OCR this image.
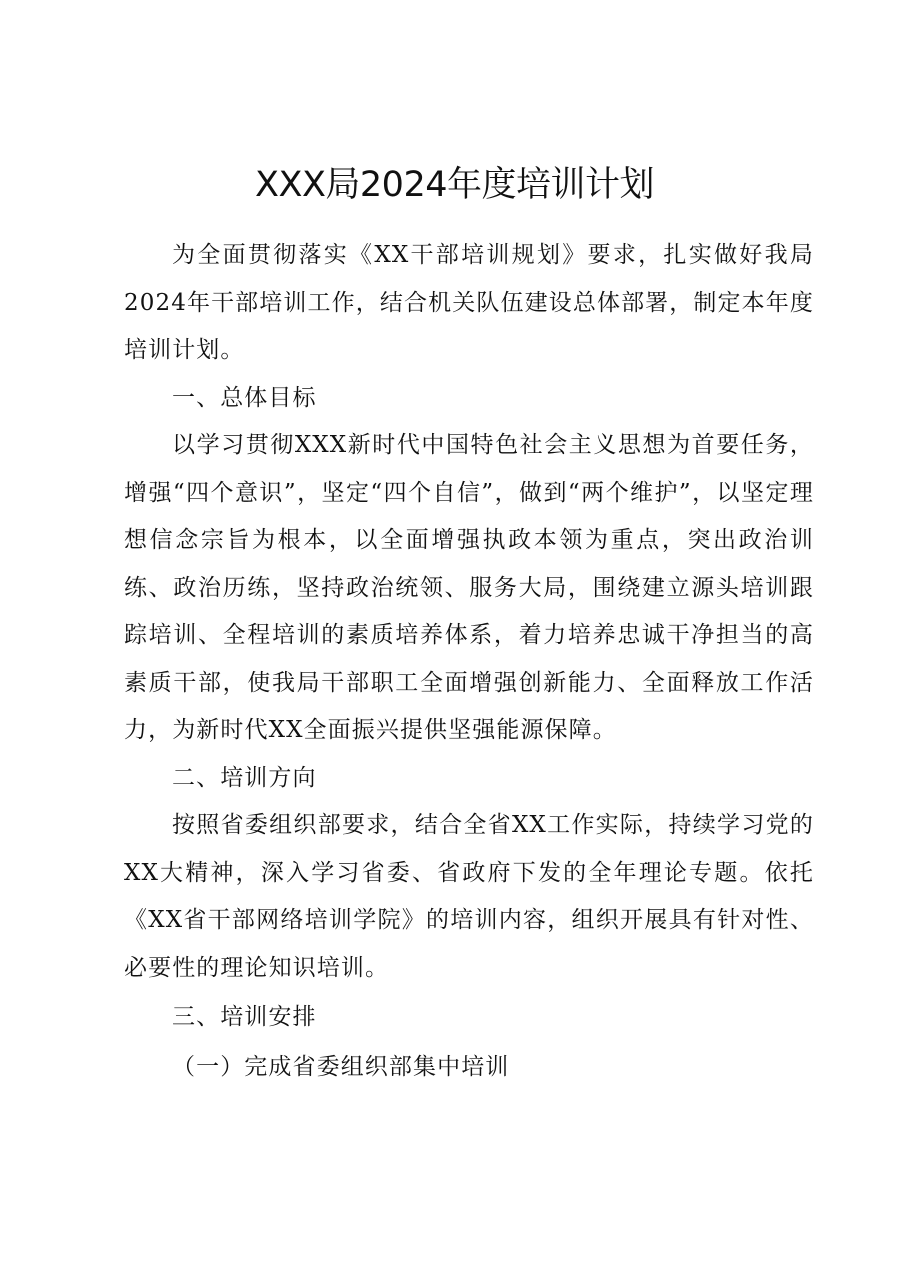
XXX局2024年度培训计划

为全面贯彻落实《XX干部培训规划》要求，扎实做好我局2024年干部培训工作，结合机关队伍建设总体部署，制定本年度培训计划。

一、总体目标

以学习贯彻XXX新时代中国特色社会主义思想为首要任务，增强“四个意识”，坚定“四个自信”，做到“两个维护”，以坚定理想信念宗旨为根本，以全面增强执政本领为重点，突出政治训练、政治历练，坚持政治统领、服务大局，围绕建立源头培训跟踪培训、全程培训的素质培养体系，着力培养忠诚干净担当的高素质干部，使我局干部职工全面增强创新能力、全面释放工作活力，为新时代XX全面振兴提供坚强能源保障。

二、培训方向

按照省委组织部要求，结合全省XX工作实际，持续学习党的XX大精神，深入学习省委、省政府下发的全年理论专题。依托《XX省干部网络培训学院》的培训内容，组织开展具有针对性、必要性的理论知识培训。

三、培训安排

（一）完成省委组织部集中培训
